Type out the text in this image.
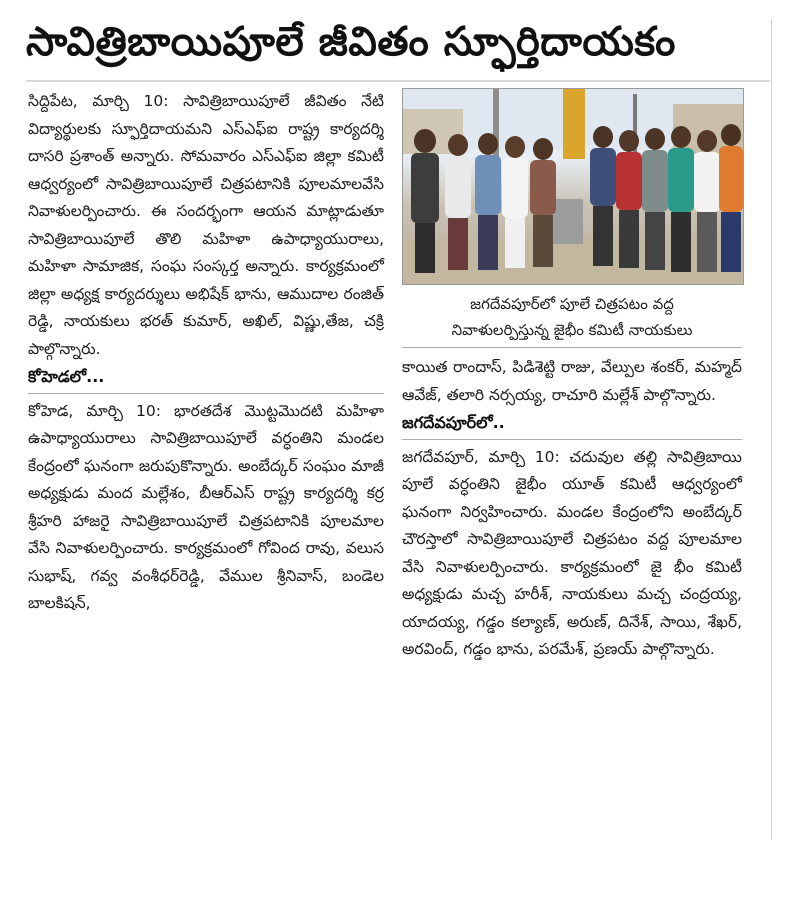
సావిత్రిబాయిపూలే జీవితం స్ఫూర్తిదాయకం

సిద్దిపేట, మార్చి 10: సావిత్రిబాయిపూలే జీవితం నేటి విద్యార్థులకు స్ఫూర్తిదాయమని ఎస్ఎఫ్ఐ రాష్ట్ర కార్యదర్శి దాసరి ప్రశాంత్ అన్నారు. సోమవారం ఎస్ఎఫ్ఐ జిల్లా కమిటీ ఆధ్వర్యంలో సావిత్రిబాయిపూలే చిత్రపటానికి పూలమాలవేసి నివాళులర్పించారు. ఈ సందర్భంగా ఆయన మాట్లాడుతూ సావిత్రిబాయిపూలే తొలి మహిళా ఉపాధ్యాయురాలు, మహిళా సామాజిక, సంఘ సంస్కర్త అన్నారు. కార్యక్రమంలో జిల్లా అధ్యక్ష కార్యదర్శులు అభిషేక్ భాను, ఆముదాల రంజిత్ రెడ్డి, నాయకులు భరత్ కుమార్, అఖిల్, విష్ణు,తేజ, చక్రి పాల్గొన్నారు.

కోహెడలో...

కోహెడ, మార్చి 10: భారతదేశ మొట్టమొదటి మహిళా ఉపాధ్యాయురాలు సావిత్రిబాయిపూలే వర్ధంతిని మండల కేంద్రంలో ఘనంగా జరుపుకొన్నారు. అంబేద్కర్ సంఘం మాజీ అధ్యక్షుడు మంద మల్లేశం, బీఆర్ఎస్ రాష్ట్ర కార్యదర్శి కర్ర శ్రీహరి హాజరై సావిత్రిబాయిపూలే చిత్రపటానికి పూలమాల వేసి నివాళులర్పించారు. కార్యక్రమంలో గోవింద రావు, వలుస సుభాష్, గవ్వ వంశీధర్‌రెడ్డి, వేముల శ్రీనివాస్, బండెల బాలకిషన్,

జగదేవపూర్‌లో పూలే చిత్రపటం వద్ద
నివాళులర్పిస్తున్న జైభీం కమిటీ నాయకులు

కాయిత రాందాస్, పిడిశెట్టి రాజు, వేల్పుల శంకర్, మహ్మద్ ఆవేజ్, తలారి నర్సయ్య, రాచూరి మల్లేశ్ పాల్గొన్నారు.

జగదేవపూర్‌లో..

జగదేవపూర్, మార్చి 10: చదువుల తల్లి సావిత్రిబాయి పూలే వర్ధంతిని జైభీం యూత్ కమిటీ ఆధ్వర్యంలో ఘనంగా నిర్వహించారు. మండల కేంద్రంలోని అంబేద్కర్ చౌరస్తాలో సావిత్రిబాయిపూలే చిత్రపటం వద్ద పూలమాల వేసి నివాళులర్పించారు. కార్యక్రమంలో జై భీం కమిటీ అధ్యక్షుడు మచ్చ హరీశ్, నాయకులు మచ్చ చంద్రయ్య, యాదయ్య, గడ్డం కల్యాణ్, అరుణ్, దినేశ్, సాయి, శేఖర్, అరవింద్, గడ్డం భాను, పరమేశ్, ప్రణయ్ పాల్గొన్నారు.
